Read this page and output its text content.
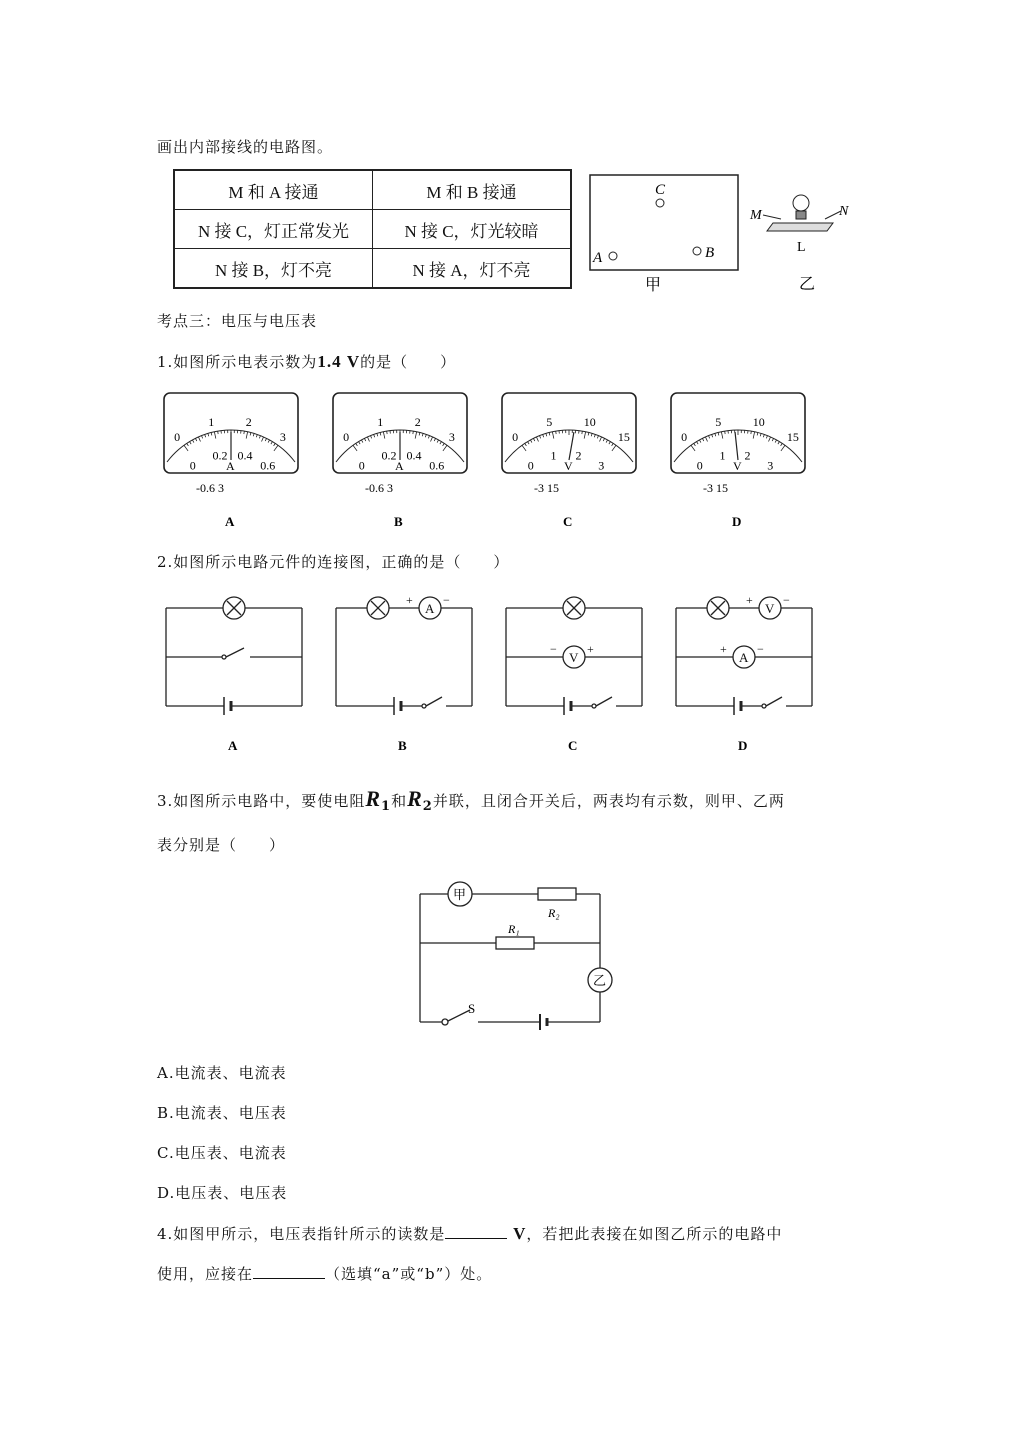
画出内部接线的电路图。
M 和 A 接通	M 和 B 接通
N 接 C，灯正常发光	N 接 C，灯光较暗
N 接 B，灯不亮	N 接 A，灯不亮
C
A	B
甲
M	N
L
乙
考点三：电压与电压表
1.如图所示电表示数为1.4 V的是（　　）
0
1	2
3
0
0.2 0.4
0.6
A
-0.6 3
A
0
1	2
3
0
0.2 0.4
0.6
A
-0.6 3
B
0
5	10
15
0
1 2
3
V
-3 15
C
0
5	10
15
0
1 2
3
V
-3 15
D
2.如图所示电路元件的连接图，正确的是（　　）
A
A
+	−
B
V
−	+
C
V
+	−
A
+	−
D
3.如图所示电路中，要使电阻$R_1$和$R_2$并联，且闭合开关后，两表均有示数，则甲、乙两
表分别是（　　）
甲
乙
R₂
R₁
S
A.电流表、电流表
B.电流表、电压表
C.电压表、电流表
D.电压表、电压表
4.如图甲所示，电压表指针所示的读数是	V，若把此表接在如图乙所示的电路中
使用，应接在	（选填“a”或“b”）处。
